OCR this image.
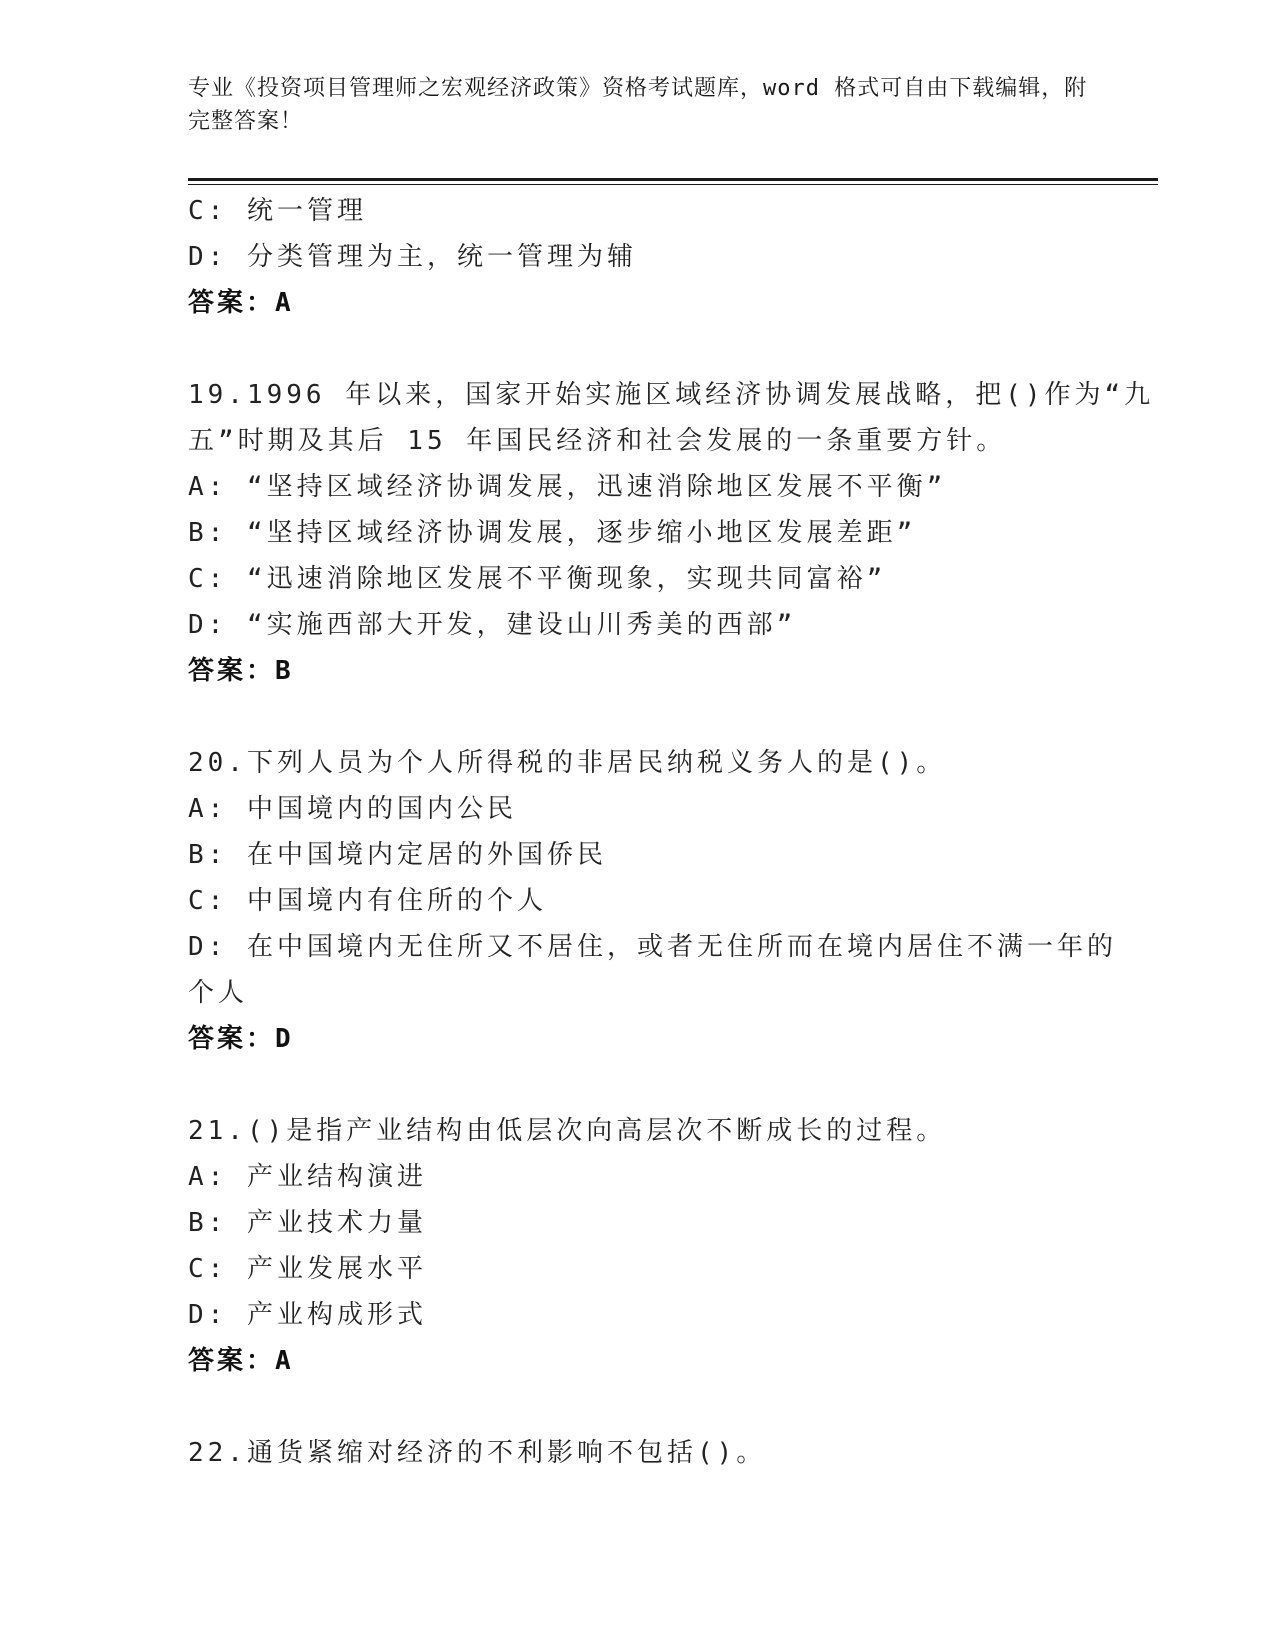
专业《投资项目管理师之宏观经济政策》资格考试题库，word 格式可自由下载编辑，附完整答案！
C: 统一管理
D: 分类管理为主，统一管理为辅
答案：A
19.1996 年以来，国家开始实施区域经济协调发展战略，把()作为“九
五”时期及其后 15 年国民经济和社会发展的一条重要方针。
A: “坚持区域经济协调发展，迅速消除地区发展不平衡”
B: “坚持区域经济协调发展，逐步缩小地区发展差距”
C: “迅速消除地区发展不平衡现象，实现共同富裕”
D: “实施西部大开发，建设山川秀美的西部”
答案：B
20.下列人员为个人所得税的非居民纳税义务人的是()。
A: 中国境内的国内公民
B: 在中国境内定居的外国侨民
C: 中国境内有住所的个人
D: 在中国境内无住所又不居住，或者无住所而在境内居住不满一年的
个人
答案：D
21.()是指产业结构由低层次向高层次不断成长的过程。
A: 产业结构演进
B: 产业技术力量
C: 产业发展水平
D: 产业构成形式
答案：A
22.通货紧缩对经济的不利影响不包括()。
